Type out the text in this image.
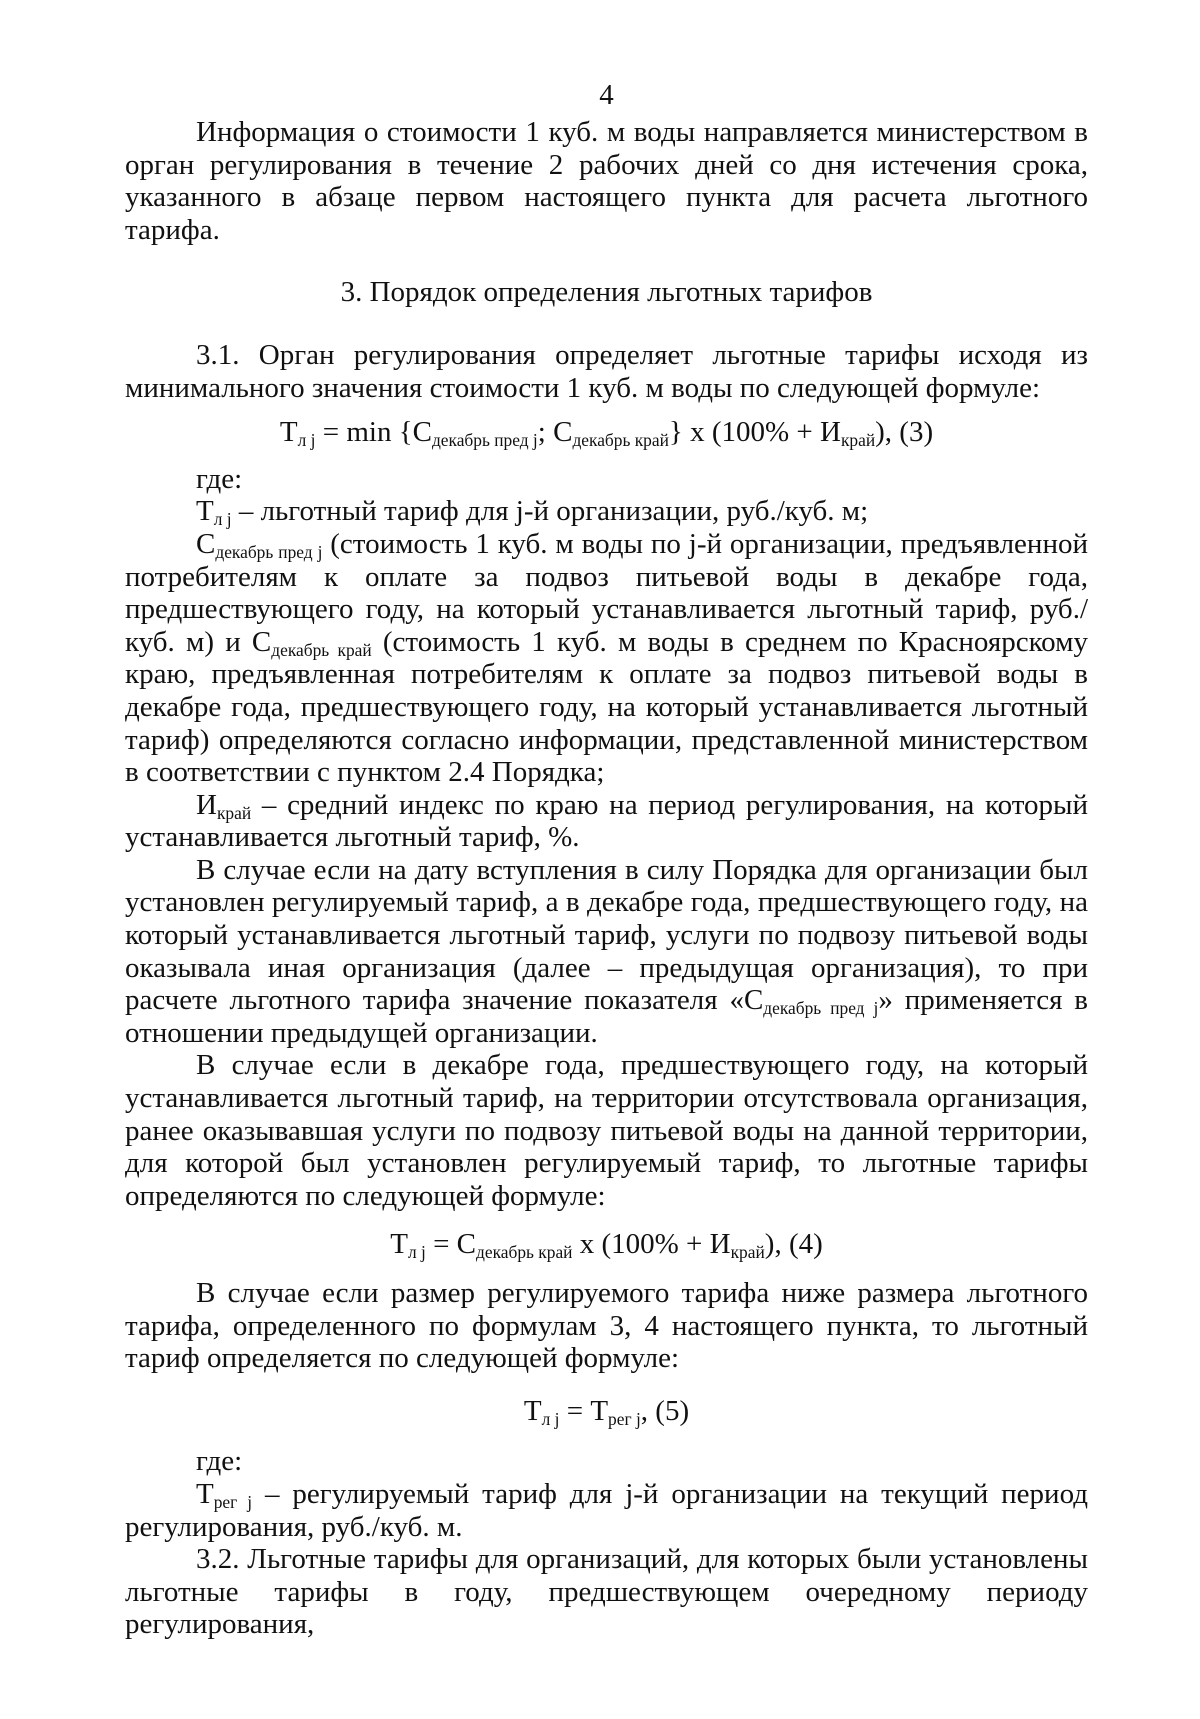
4

Информация о стоимости 1 куб. м воды направляется министерством в орган регулирования в течение 2 рабочих дней со дня истечения срока, указанного в абзаце первом настоящего пункта для расчета льготного тарифа.

3. Порядок определения льготных тарифов

3.1. Орган регулирования определяет льготные тарифы исходя из минимального значения стоимости 1 куб. м воды по следующей формуле:

$Т_{л j} = \min \{С_{декабрь пред j}$; $С_{декабрь край}$} х $(100\% + И_{край})$, (3)

где:

$Т_{л j}$ – льготный тариф для j-й организации, руб./куб. м;

$С_{декабрь пред j}$ (стоимость 1 куб. м воды по j-й организации, предъявленной потребителям к оплате за подвоз питьевой воды в декабре года, предшествующего году, на который устанавливается льготный тариф, руб./куб. м) и $С_{декабрь край}$ (стоимость 1 куб. м воды в среднем по Красноярскому краю, предъявленная потребителям к оплате за подвоз питьевой воды в декабре года, предшествующего году, на который устанавливается льготный тариф) определяются согласно информации, представленной министерством в соответствии с пунктом 2.4 Порядка;

$И_{край}$ – средний индекс по краю на период регулирования, на который устанавливается льготный тариф, %.

В случае если на дату вступления в силу Порядка для организации был установлен регулируемый тариф, а в декабре года, предшествующего году, на который устанавливается льготный тариф, услуги по подвозу питьевой воды оказывала иная организация (далее – предыдущая организация), то при расчете льготного тарифа значение показателя «$С_{декабрь пред j}$» применяется в отношении предыдущей организации.

В случае если в декабре года, предшествующего году, на который устанавливается льготный тариф, на территории отсутствовала организация, ранее оказывавшая услуги по подвозу питьевой воды на данной территории, для которой был установлен регулируемый тариф, то льготные тарифы определяются по следующей формуле:

$Т_{л j} = С_{декабрь край}$ х $(100\% + И_{край})$, (4)

В случае если размер регулируемого тарифа ниже размера льготного тарифа, определенного по формулам 3, 4 настоящего пункта, то льготный тариф определяется по следующей формуле:

$Т_{л j} = Т_{рег j}$, (5)

где:

$Т_{рег j}$ – регулируемый тариф для j-й организации на текущий период регулирования, руб./куб. м.

3.2. Льготные тарифы для организаций, для которых были установлены льготные тарифы в году, предшествующем очередному периоду регулирования,
